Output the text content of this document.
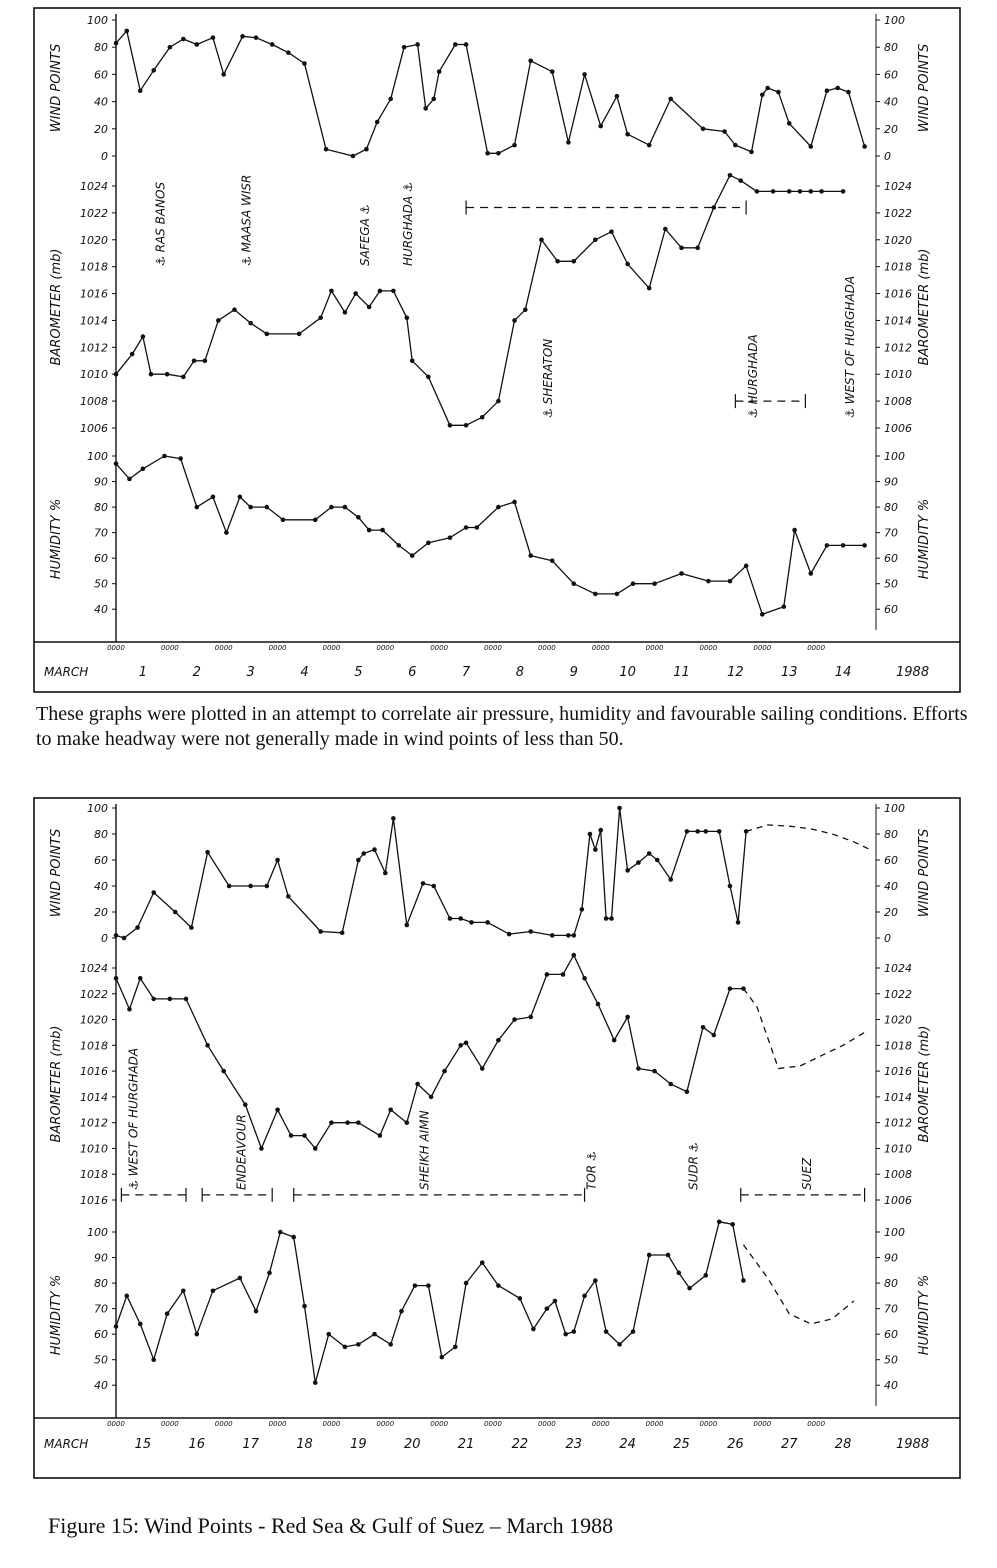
1
0000
2
0000
3
0000
4
0000
5
0000
6
0000
7
0000
8
0000
9
0000
10
0000
11
0000
12
0000
13
0000
14
0000
MARCH	1988
0	0
20	20
40	40
60	60
80	80
100	100
WIND POINTS	WIND POINTS
1006	1006
1008	1008
1010	1010
1012	1012
1014	1014
1016	1016
1018	1018
1020	1020
1022	1022
1024	1024
BAROMETER (mb)	BAROMETER (mb)
40	60
50	50
60	60
70	70
80	80
90	90
100	100
HUMIDITY %	HUMIDITY %
⚓ RAS BANOS	⚓ MAASA WISR	SAFEGA ⚓ HURGHADA ⚓
⚓ SHERATON	⚓ HURGHADA	⚓ WEST OF HURGHADA
15
0000
16
0000
17
0000
18
0000
19
0000
20
0000
21
0000
22
0000
23
0000
24
0000
25
0000
26
0000
27
0000
28
0000
MARCH	1988
0	0
20	20
40	40
60	60
80	80
100	100
WIND POINTS	WIND POINTS
1016	1006
1018	1008
1010	1010
1012	1012
1014	1014
1016	1016
1018	1018
1020	1020
1022	1022
1024	1024
BAROMETER (mb)	BAROMETER (mb)
40	40
50	50
60	60
70	70
80	80
90	90
100	100
HUMIDITY %	HUMIDITY %
⚓ WEST OF HURGHADA	ENDEAVOUR	SHEIKH AIMN	TOR ⚓	SUDR ⚓	SUEZ
These graphs were plotted in an attempt to correlate air pressure, humidity and favourable sailing conditions. Efforts to make headway were not generally made in wind points of less than 50.
Figure 15: Wind Points - Red Sea & Gulf of Suez – March 1988
